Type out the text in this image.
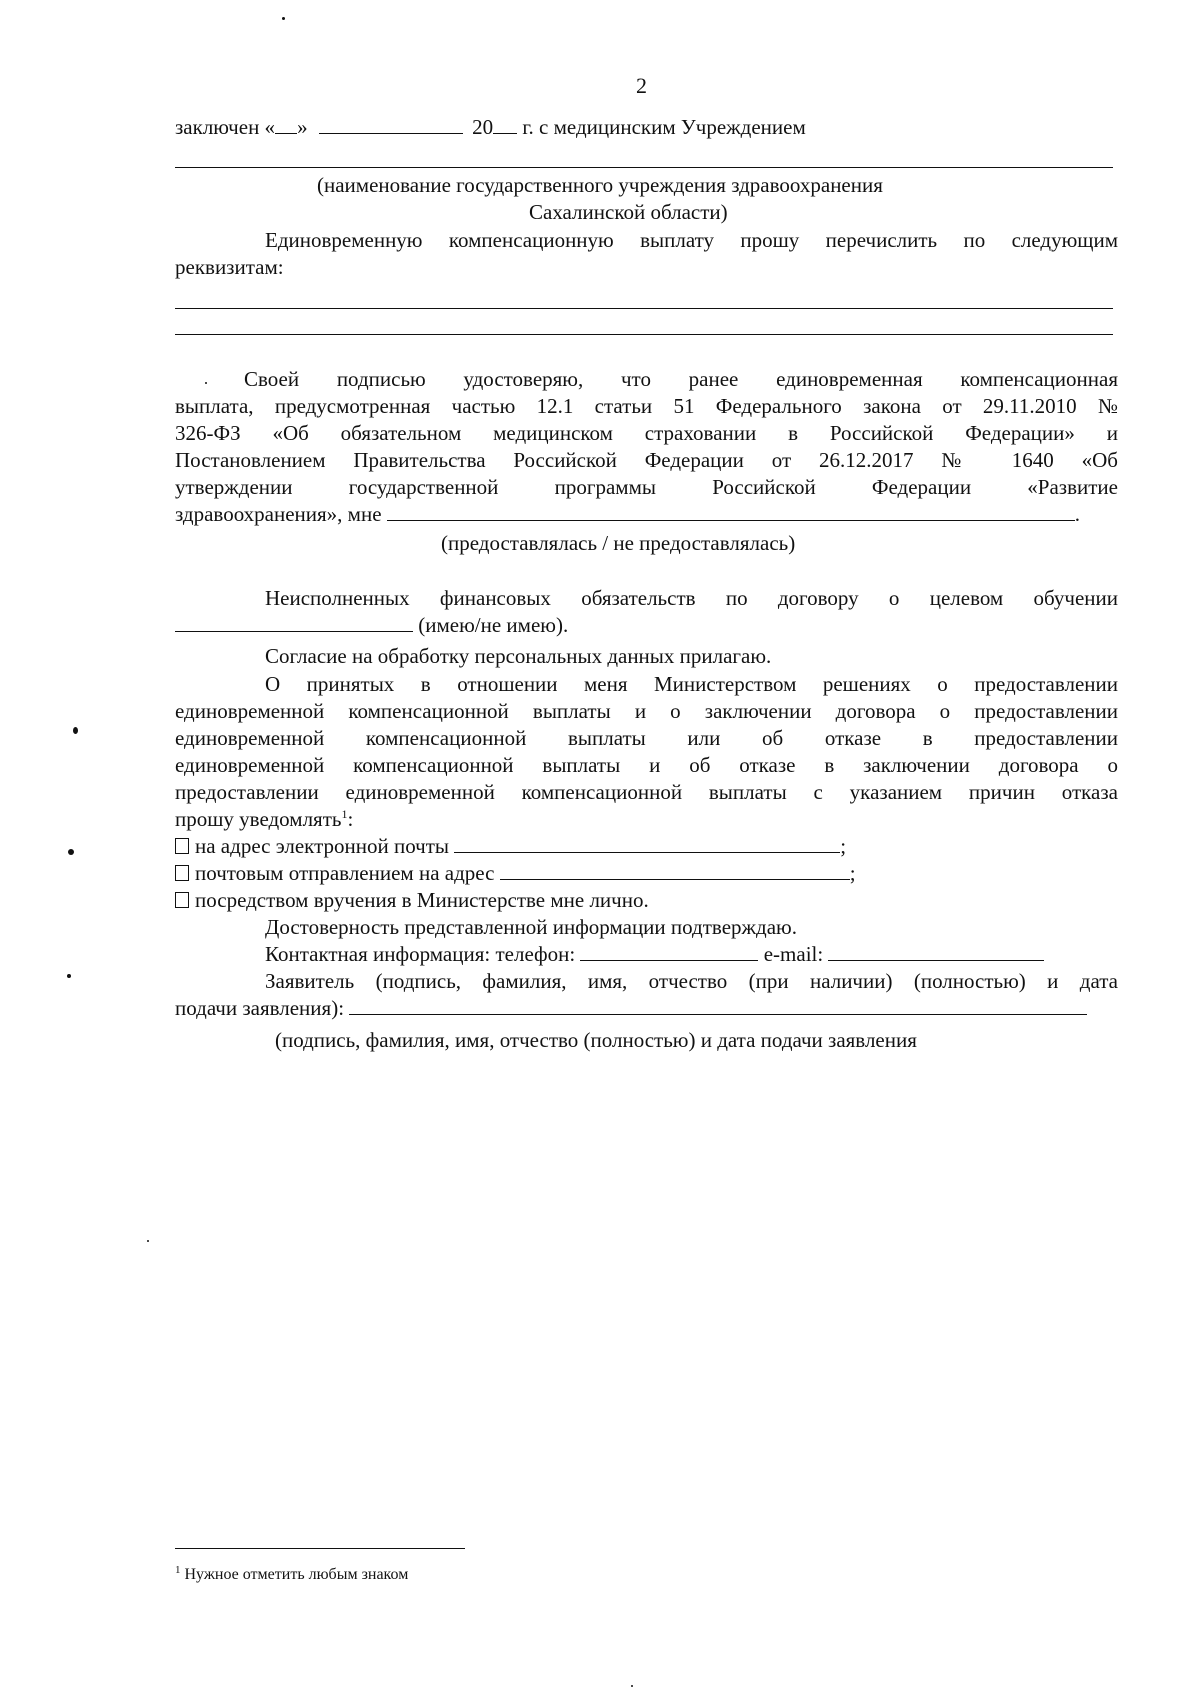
2
заключен « »	20 г. с медицинским Учреждением
(наименование государственного учреждения здравоохранения
Сахалинской области)
Единовременную компенсационную выплату прошу перечислить по следующим
реквизитам:
Своей подписью удостоверяю, что ранее единовременная компенсационная
выплата, предусмотренная частью 12.1 статьи 51 Федерального закона от 29.11.2010 №
326-ФЗ «Об обязательном медицинском страховании в Российской Федерации» и
Постановлением Правительства Российской Федерации от 26.12.2017 № 1640 «Об
утверждении государственной программы Российской Федерации «Развитие
здравоохранения», мне	.
(предоставлялась / не предоставлялась)
Неисполненных финансовых обязательств по договору о целевом обучении
(имею/не имею).
Согласие на обработку персональных данных прилагаю.
О принятых в отношении меня Министерством решениях о предоставлении
единовременной компенсационной выплаты и о заключении договора о предоставлении
единовременной компенсационной выплаты или об отказе в предоставлении
единовременной компенсационной выплаты и об отказе в заключении договора о
предоставлении единовременной компенсационной выплаты с указанием причин отказа
прошу уведомлять$^1$:
на адрес электронной почты	;
почтовым отправлением на адрес	;
посредством вручения в Министерстве мне лично.
Достоверность представленной информации подтверждаю.
Контактная информация: телефон:	e-mail:
Заявитель (подпись, фамилия, имя, отчество (при наличии) (полностью) и дата
подачи заявления):
(подпись, фамилия, имя, отчество (полностью) и дата подачи заявления
$^1$ Нужное отметить любым знаком
